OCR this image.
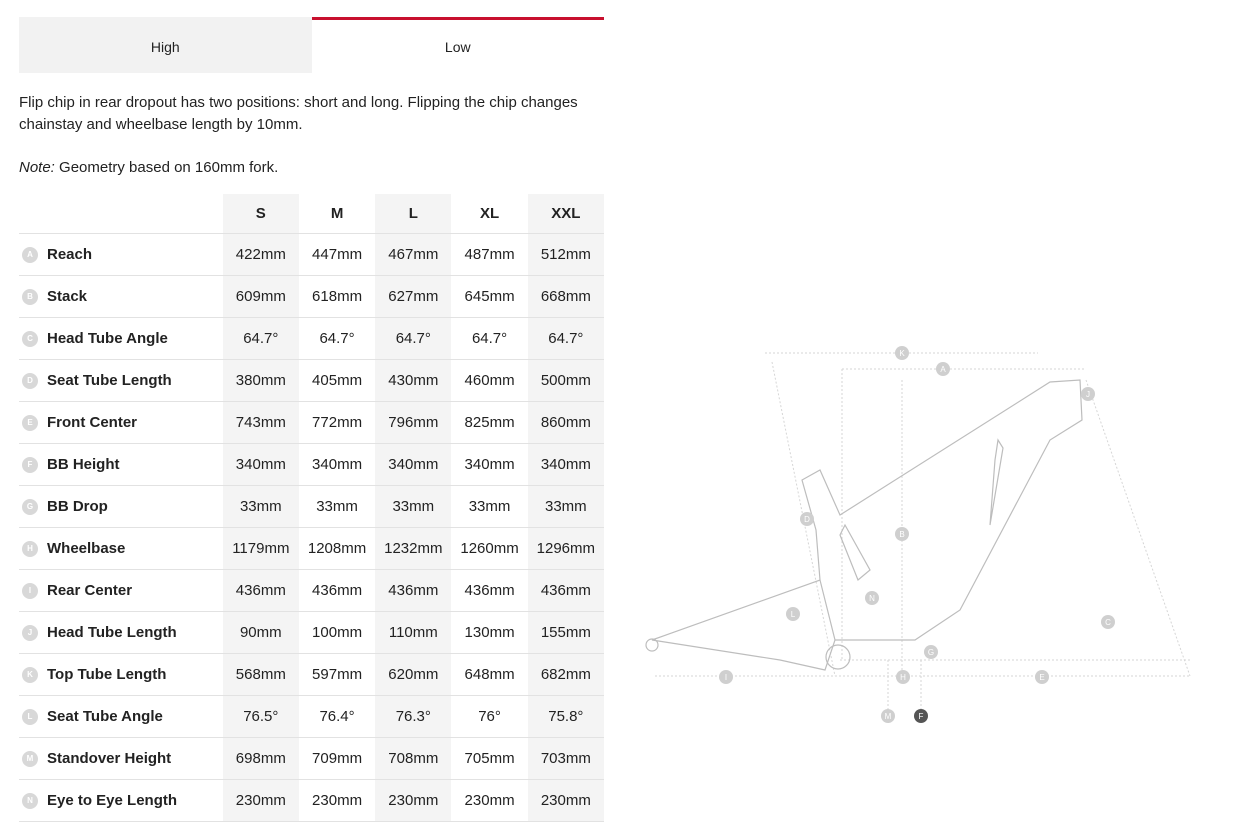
High	Low
Flip chip in rear dropout has two positions: short and long. Flipping the chip changes chainstay and wheelbase length by 10mm.
Note: Geometry based on 160mm fork.
	S	M	L	XL	XXL

A Reach	422mm	447mm	467mm	487mm	512mm

B Stack	609mm	618mm	627mm	645mm	668mm

C Head Tube Angle	64.7°	64.7°	64.7°	64.7°	64.7°

D Seat Tube Length	380mm	405mm	430mm	460mm	500mm

E Front Center	743mm	772mm	796mm	825mm	860mm

F BB Height	340mm	340mm	340mm	340mm	340mm

G BB Drop	33mm	33mm	33mm	33mm	33mm

H Wheelbase	1179mm	1208mm	1232mm	1260mm	1296mm

I Rear Center	436mm	436mm	436mm	436mm	436mm

J Head Tube Length	90mm	100mm	110mm	130mm	155mm

K Top Tube Length	568mm	597mm	620mm	648mm	682mm

L Seat Tube Angle	76.5°	76.4°	76.3°	76°	75.8°

M Standover Height	698mm	709mm	708mm	705mm	703mm

N Eye to Eye Length	230mm	230mm	230mm	230mm	230mm
K
A
J
D
B
N
L
C
G
I	H	E
M	F
